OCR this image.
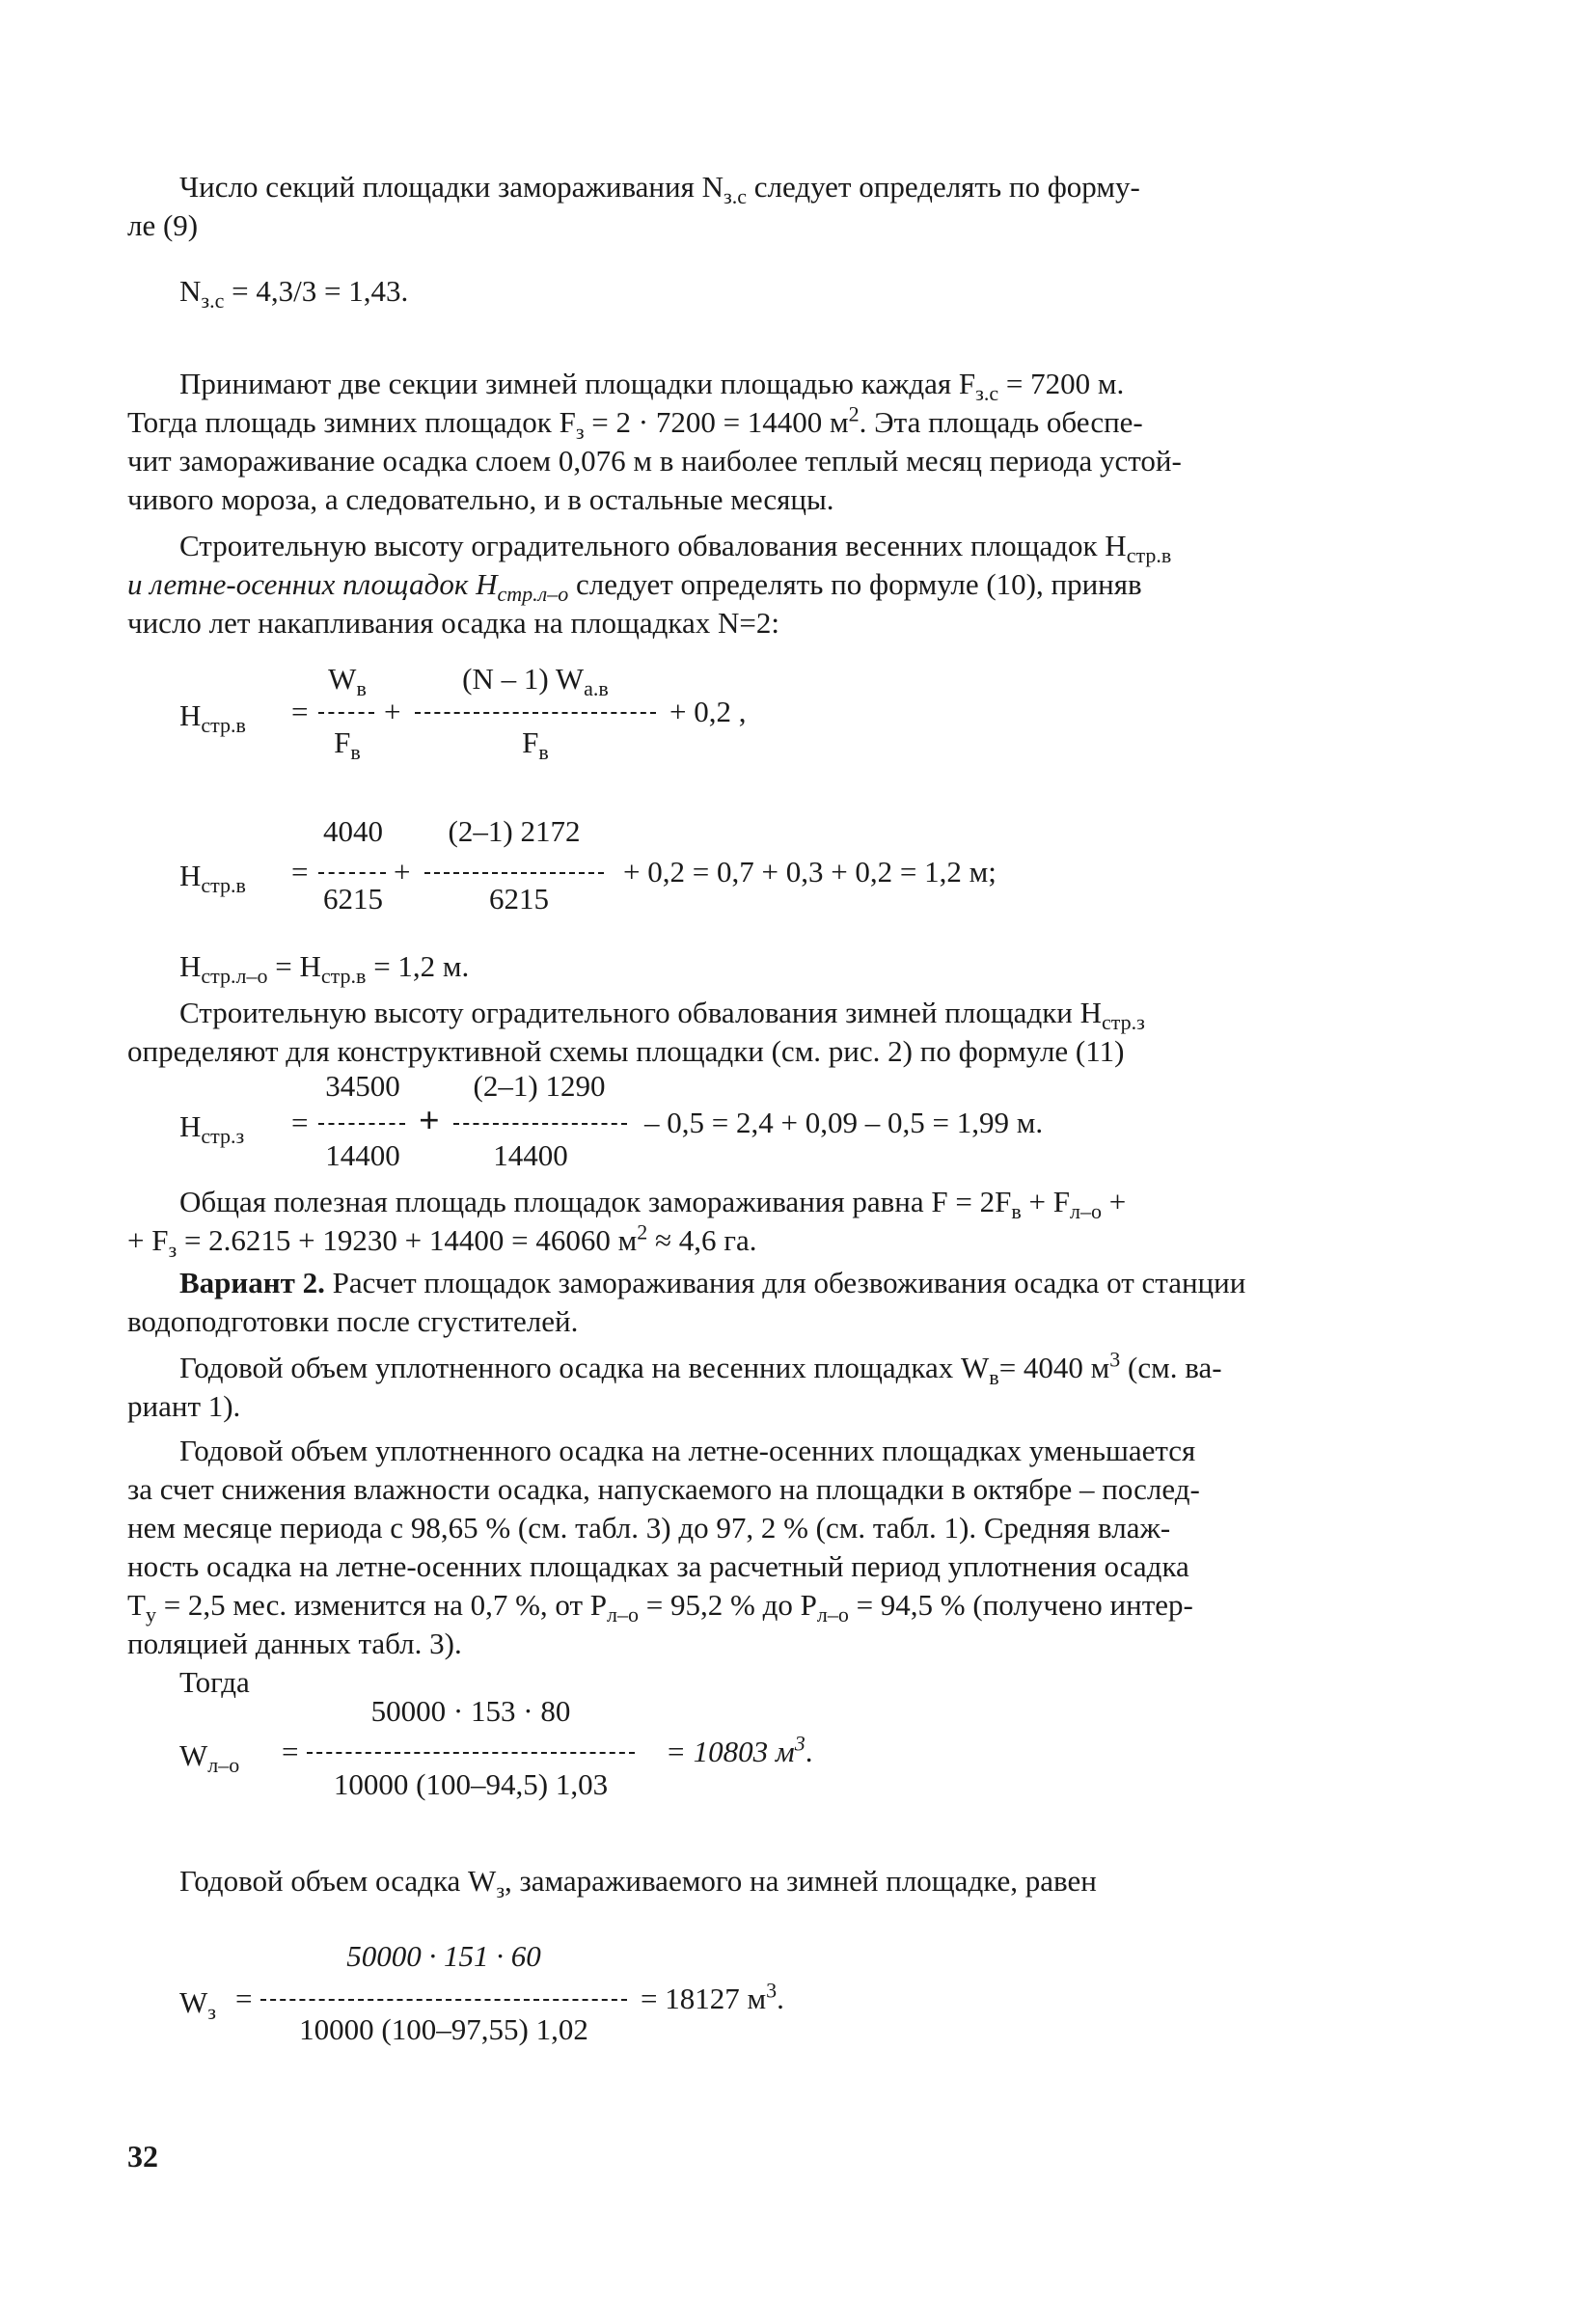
Число секций площадки замораживания $N_{з.с}$ следует определять по форму-
ле (9)
$N_{з.с} = 4,3/3 = 1,43$.
Принимают две секции зимней площадки площадью каждая $F_{з.с} = 7200$ м.
Тогда площадь зимних площадок $F_з = 2 \cdot 7200 = 14400$ $м^2$. Эта площадь обеспе-
чит замораживание осадка слоем 0,076 м в наиболее теплый месяц периода устой-
чивого мороза, а следовательно, и в остальные месяцы.
Строительную высоту оградительного обвалования весенних площадок $H_{стр.в}$
и летне-осенних площадок $H_{стр.л-о}$ следует определять по формуле (10), приняв
число лет накапливания осадка на площадках N=2:
$H_{стр.в}$ =
$W_в$
$F_в$
+
(N – 1) $W_{а.в}$
$F_в$
+ 0,2 ,
$H_{стр.в}$ =
4040
6215
+
(2–1) 2172
6215
+ 0,2 = 0,7 + 0,3 + 0,2 = 1,2 м;
$H_{стр.л-о} = H_{стр.в} = 1,2$ м.
Строительную высоту оградительного обвалования зимней площадки $H_{стр.з}$
определяют для конструктивной схемы площадки (см. рис. 2) по формуле (11)
$H_{стр.з}$ =
34500
14400
+
(2–1) 1290
14400
– 0,5 = 2,4 + 0,09 – 0,5 = 1,99 м.
Общая полезная площадь площадок замораживания равна $F = 2F_в + F_{л-о}$ +
+ $F_з = 2.6215 + 19230 + 14400 = 46060$ $м^2 \approx 4,6$ га.
Вариант 2. Расчет площадок замораживания для обезвоживания осадка от станции
водоподготовки после сгустителей.
Годовой объем уплотненного осадка на весенних площадках $W_в= 4040$ $м^3$ (см. ва-
риант 1).
Годовой объем уплотненного осадка на летне-осенних площадках уменьшается
за счет снижения влажности осадка, напускаемого на площадки в октябре – послед-
нем месяце периода с 98,65 % (см. табл. 3) до 97, 2 % (см. табл. 1). Средняя влаж-
ность осадка на летне-осенних площадках за расчетный период уплотнения осадка
$T_у = 2,5$ мес. изменится на 0,7 %, от $P_{л-о} = 95,2$ % до $P_{л-о} = 94,5$ % (получено интер-
поляцией данных табл. 3).
Тогда
$W_{л-о}$ =
50000 · 153 · 80
10000 (100–94,5) 1,03
= 10803 $м^3$.
Годовой объем осадка $W_з$, замараживаемого на зимней площадке, равен
$W_з$ =
50000 · 151 · 60
10000 (100–97,55) 1,02
= 18127 $м^3$.
32
